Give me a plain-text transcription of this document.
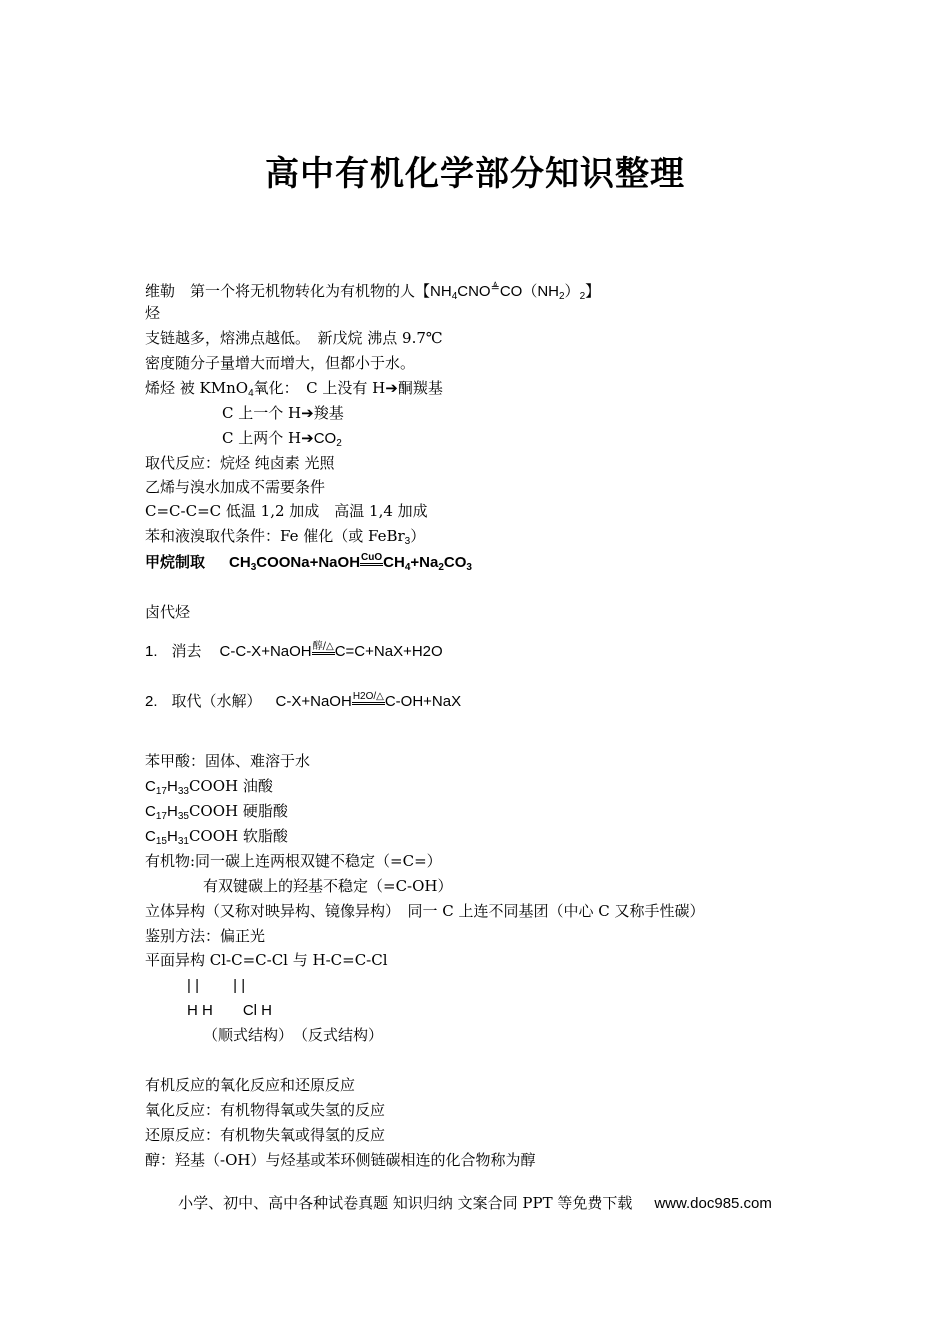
高中有机化学部分知识整理
维勒　第一个将无机物转化为有机物的人【$NH_4CNO^≜CO(NH_2)_2$】
烃
支链越多，熔沸点越低。　新戊烷 沸点 9.7℃
密度随分子量增大而增大，但都小于水。
烯烃 被 KMnO$_4$氧化：　C 上没有 H➔酮羰基
C 上一个 H➔羧基
C 上两个 $H➔CO_2$
取代反应：烷烃 纯卤素 光照
乙烯与溴水加成不需要条件
C=C-C=C 低温 1,2 加成　高温 1,4 加成
苯和液溴取代条件：Fe 催化（或 FeBr$_3$）
甲烷制取 $CH_3COONa+NaOHCuOCH_4+Na_2CO_3$
卤代烃
1. 消去 C-C-X+NaOH醇/△C=C+NaX+H2O
2. 取代（水解） C-X+NaOHH2O/△C-OH+NaX
苯甲酸：固体、难溶于水
$C_{17}H_{33}COOH$ 油酸
$C_{17}H_{35}COOH$ 硬脂酸
$C_{15}H_{31}COOH$ 软脂酸
有机物:同一碳上连两根双键不稳定（=C=）
有双键碳上的羟基不稳定（=C-OH）
立体异构（又称对映异构、镜像异构）　同一 C 上连不同基团（中心 C 又称手性碳）
鉴别方法：偏正光
平面异构 Cl-C=C-Cl 与 H-C=C-Cl
| |　　 | |
H H　　Cl H
（顺式结构）　（反式结构）
有机反应的氧化反应和还原反应
氧化反应：有机物得氧或失氢的反应
还原反应：有机物失氧或得氢的反应
醇：羟基（-OH）与烃基或苯环侧链碳相连的化合物称为醇
小学、初中、高中各种试卷真题 知识归纳 文案合同 PPT 等免费下载 www.doc985.com
